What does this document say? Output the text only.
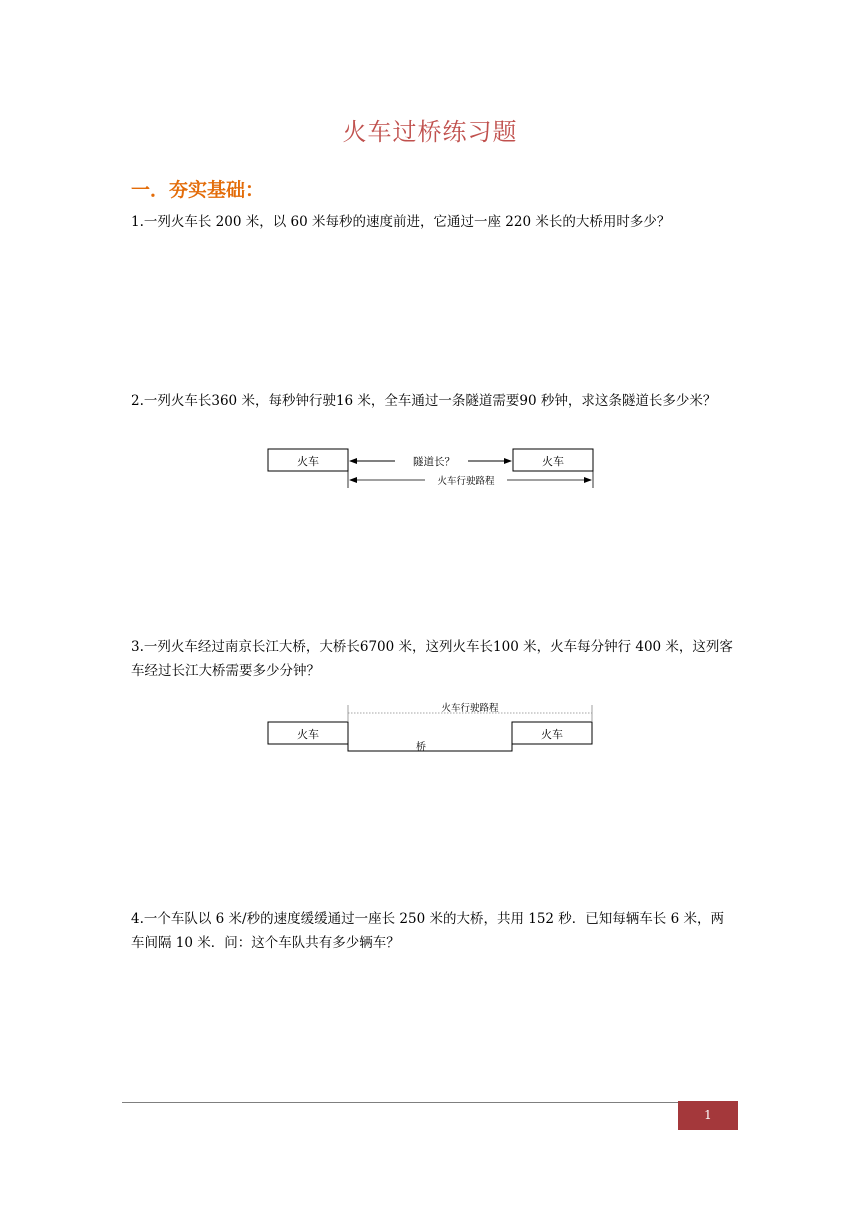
火车过桥练习题
一．夯实基础：
1.一列火车长 200 米，以 60 米每秒的速度前进，它通过一座 220 米长的大桥用时多少？
2.一列火车长360 米，每秒钟行驶16 米，全车通过一条隧道需要90 秒钟，求这条隧道长多少米？
3.一列火车经过南京长江大桥，大桥长6700 米，这列火车长100 米，火车每分钟行 400 米，这列客车经过长江大桥需要多少分钟？
4.一个车队以 6 米/秒的速度缓缓通过一座长 250 米的大桥，共用 152 秒．已知每辆车长 6 米，两车间隔 10 米．问：这个车队共有多少辆车？
火车	火车
隧道长？
火车行驶路程
火车行驶路程
火车	火车
桥
1
